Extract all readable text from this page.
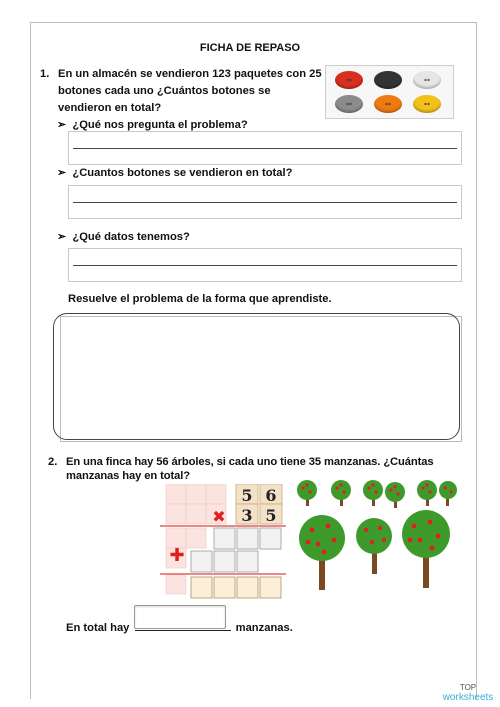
FICHA DE REPASO
1. En un almacén se vendieron 123 paquetes con 25 botones cada uno ¿Cuántos botones se vendieron en total?
➢ ¿Qué nos pregunta el problema?
➢ ¿Cuantos botones se vendieron en total?
➢ ¿Qué datos tenemos?
Resuelve el problema de la forma que aprendiste.
2. En una finca hay 56 árboles, si cada uno tiene 35 manzanas. ¿Cuántas manzanas hay en total?
5 6
3 5
✖
✚
En total hay	manzanas.
TOP
worksheets
